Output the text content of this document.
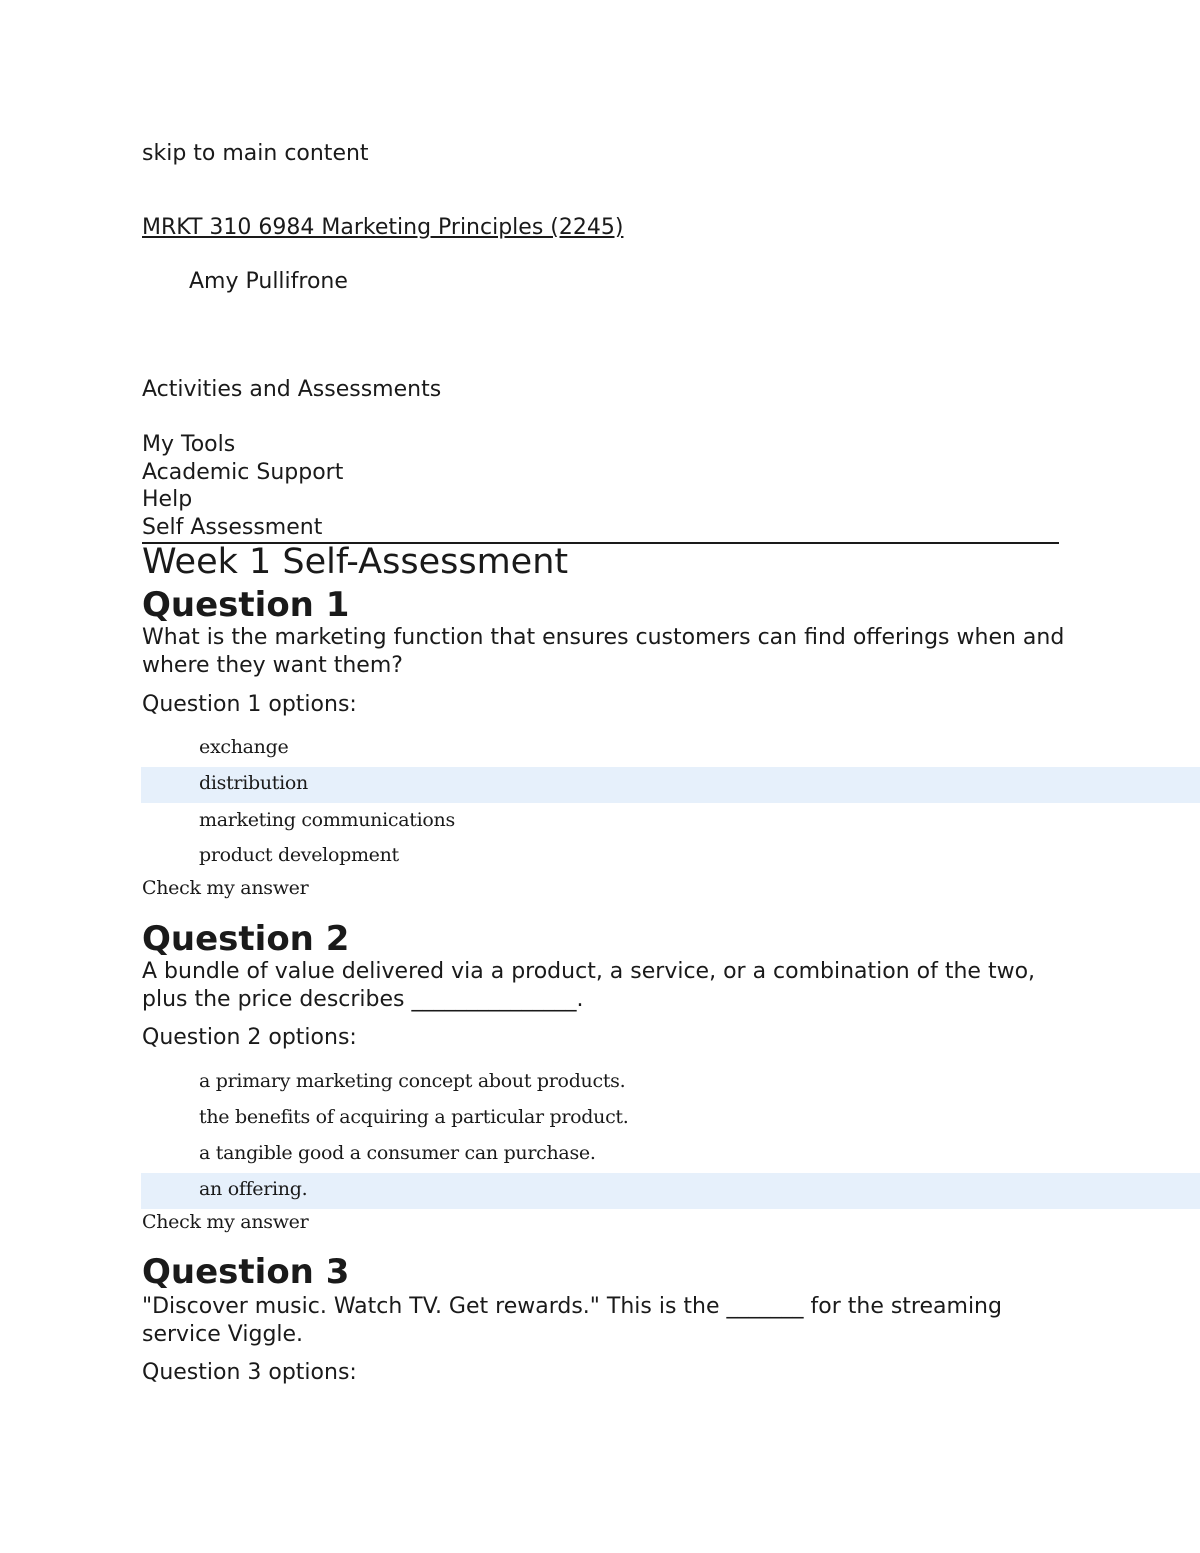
skip to main content
MRKT 310 6984 Marketing Principles (2245)
Amy Pullifrone
Activities and Assessments
My Tools
Academic Support
Help
Self Assessment
Week 1 Self-Assessment
Question 1
What is the marketing function that ensures customers can find offerings when and where they want them?
Question 1 options:
exchange
distribution
marketing communications
product development
Check my answer
Question 2
A bundle of value delivered via a product, a service, or a combination of the two, plus the price describes _______________.
Question 2 options:
a primary marketing concept about products.
the benefits of acquiring a particular product.
a tangible good a consumer can purchase.
an offering.
Check my answer
Question 3
"Discover music. Watch TV. Get rewards." This is the _______ for the streaming service Viggle.
Question 3 options:
